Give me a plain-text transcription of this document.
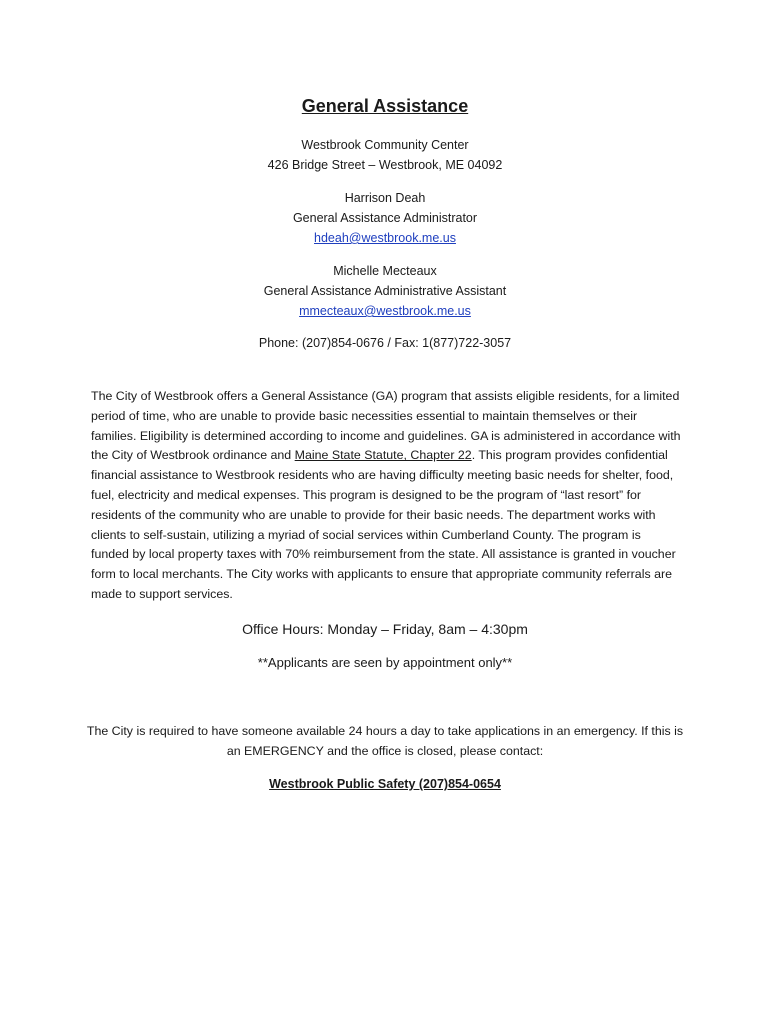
General Assistance
Westbrook Community Center
426 Bridge Street – Westbrook, ME 04092
Harrison Deah
General Assistance Administrator
hdeah@westbrook.me.us
Michelle Mecteaux
General Assistance Administrative Assistant
mmecteaux@westbrook.me.us
Phone: (207)854-0676 / Fax: 1(877)722-3057
The City of Westbrook offers a General Assistance (GA) program that assists eligible residents, for a limited period of time, who are unable to provide basic necessities essential to maintain themselves or their families. Eligibility is determined according to income and guidelines. GA is administered in accordance with the City of Westbrook ordinance and Maine State Statute, Chapter 22. This program provides confidential financial assistance to Westbrook residents who are having difficulty meeting basic needs for shelter, food, fuel, electricity and medical expenses. This program is designed to be the program of “last resort” for residents of the community who are unable to provide for their basic needs. The department works with clients to self-sustain, utilizing a myriad of social services within Cumberland County. The program is funded by local property taxes with 70% reimbursement from the state. All assistance is granted in voucher form to local merchants. The City works with applicants to ensure that appropriate community referrals are made to support services.
Office Hours: Monday – Friday, 8am – 4:30pm
**Applicants are seen by appointment only**
The City is required to have someone available 24 hours a day to take applications in an emergency. If this is an EMERGENCY and the office is closed, please contact:
Westbrook Public Safety (207)854-0654
